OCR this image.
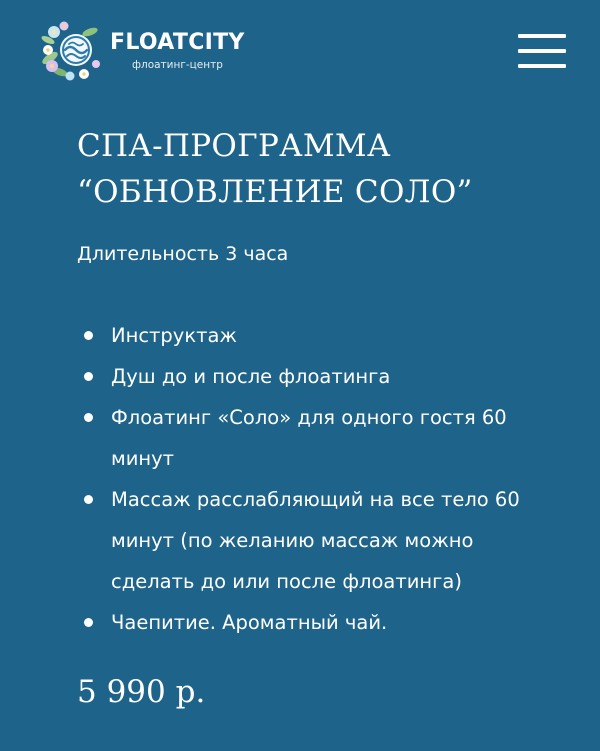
FLOATCITY
флоатинг-центр
СПА-ПРОГРАММА
“ОБНОВЛЕНИЕ СОЛО”
Длительность 3 часа
Инструктаж
Душ до и после флоатинга
Флоатинг «Соло» для одного гостя 60 минут
Массаж расслабляющий на все тело 60 минут (по желанию массаж можно сделать до или после флоатинга)
Чаепитие. Ароматный чай.
5 990 р.
